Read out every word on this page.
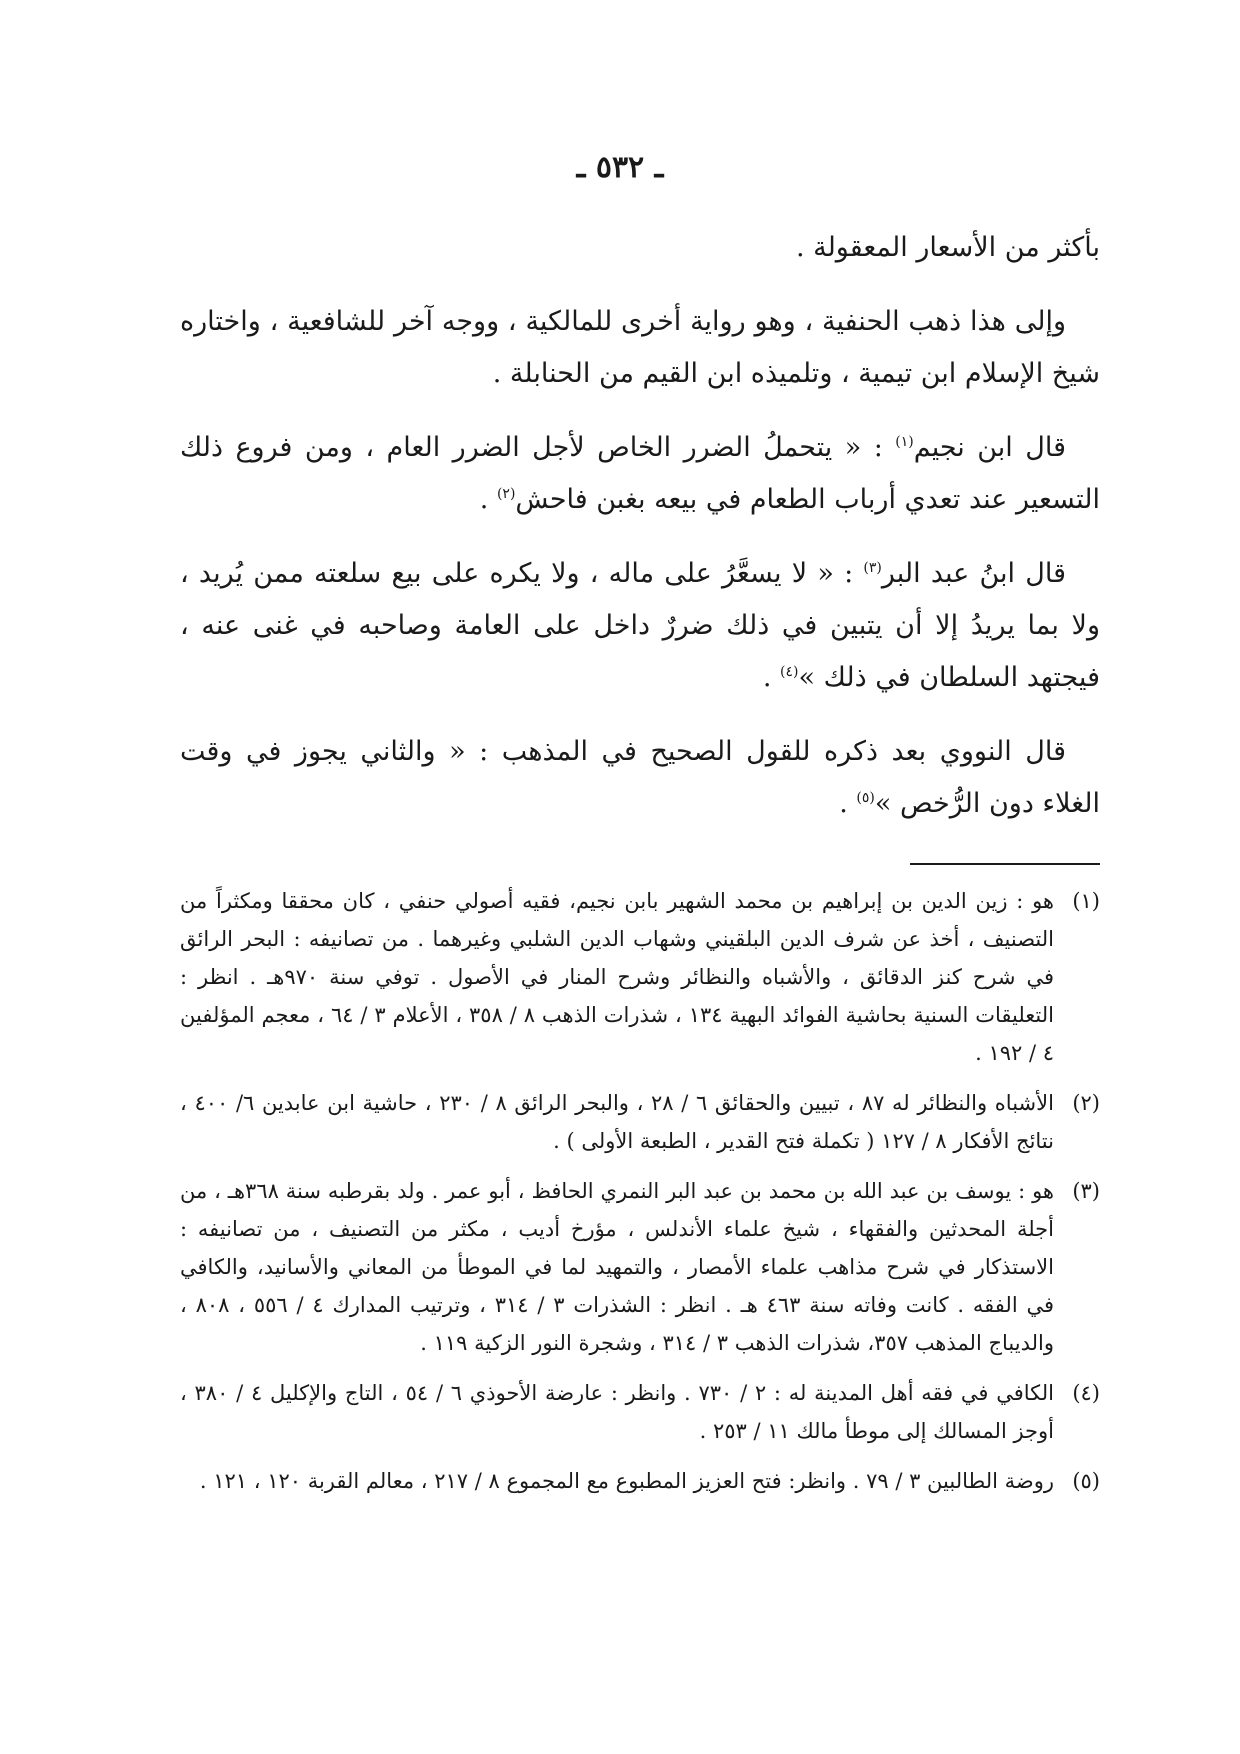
ـ ٥٣٢ ـ

بأكثر من الأسعار المعقولة .

وإلى هذا ذهب الحنفية ، وهو رواية أخرى للمالكية ، ووجه آخر للشافعية ، واختاره شيخ الإسلام ابن تيمية ، وتلميذه ابن القيم من الحنابلة .

قال ابن نجيم$^{(١)}$ : « يتحملُ الضرر الخاص لأجل الضرر العام ، ومن فروع ذلك التسعير عند تعدي أرباب الطعام في بيعه بغبن فاحش$^{(٢)}$ .

قال ابنُ عبد البر$^{(٣)}$ : « لا يسعَّرُ على ماله ، ولا يكره على بيع سلعته ممن يُريد ، ولا بما يريدُ إلا أن يتبين في ذلك ضررٌ داخل على العامة وصاحبه في غنى عنه ، فيجتهد السلطان في ذلك »$^{(٤)}$ .

قال النووي بعد ذكره للقول الصحيح في المذهب : « والثاني يجوز في وقت الغلاء دون الرُّخص »$^{(٥)}$ .

(١)
هو : زين الدين بن إبراهيم بن محمد الشهير بابن نجيم، فقيه أصولي حنفي ، كان محققا ومكثراً من التصنيف ، أخذ عن شرف الدين البلقيني وشهاب الدين الشلبي وغيرهما . من تصانيفه : البحر الرائق في شرح كنز الدقائق ، والأشباه والنظائر وشرح المنار في الأصول . توفي سنة ٩٧٠هـ . انظر : التعليقات السنية بحاشية الفوائد البهية ١٣٤ ، شذرات الذهب ٨ / ٣٥٨ ، الأعلام ٣ / ٦٤ ، معجم المؤلفين ٤ / ١٩٢ .
(٢)
الأشباه والنظائر له ٨٧ ، تبيين والحقائق ٦ / ٢٨ ، والبحر الرائق ٨ / ٢٣٠ ، حاشية ابن عابدين ٦/ ٤٠٠ ، نتائج الأفكار ٨ / ١٢٧ ( تكملة فتح القدير ، الطبعة الأولى ) .
(٣)
هو : يوسف بن عبد الله بن محمد بن عبد البر النمري الحافظ ، أبو عمر . ولد بقرطبه سنة ٣٦٨هـ ، من أجلة المحدثين والفقهاء ، شيخ علماء الأندلس ، مؤرخ أديب ، مكثر من التصنيف ، من تصانيفه : الاستذكار في شرح مذاهب علماء الأمصار ، والتمهيد لما في الموطأ من المعاني والأسانيد، والكافي في الفقه . كانت وفاته سنة ٤٦٣ هـ . انظر : الشذرات ٣ / ٣١٤ ، وترتيب المدارك ٤ / ٥٥٦ ، ٨٠٨ ، والديباج المذهب ٣٥٧، شذرات الذهب ٣ / ٣١٤ ، وشجرة النور الزكية ١١٩ .
(٤)
الكافي في فقه أهل المدينة له : ٢ / ٧٣٠ . وانظر : عارضة الأحوذي ٦ / ٥٤ ، التاج والإكليل ٤ / ٣٨٠ ، أوجز المسالك إلى موطأ مالك ١١ / ٢٥٣ .
(٥)
روضة الطالبين ٣ / ٧٩ . وانظر: فتح العزيز المطبوع مع المجموع ٨ / ٢١٧ ، معالم القربة ١٢٠ ، ١٢١ .
